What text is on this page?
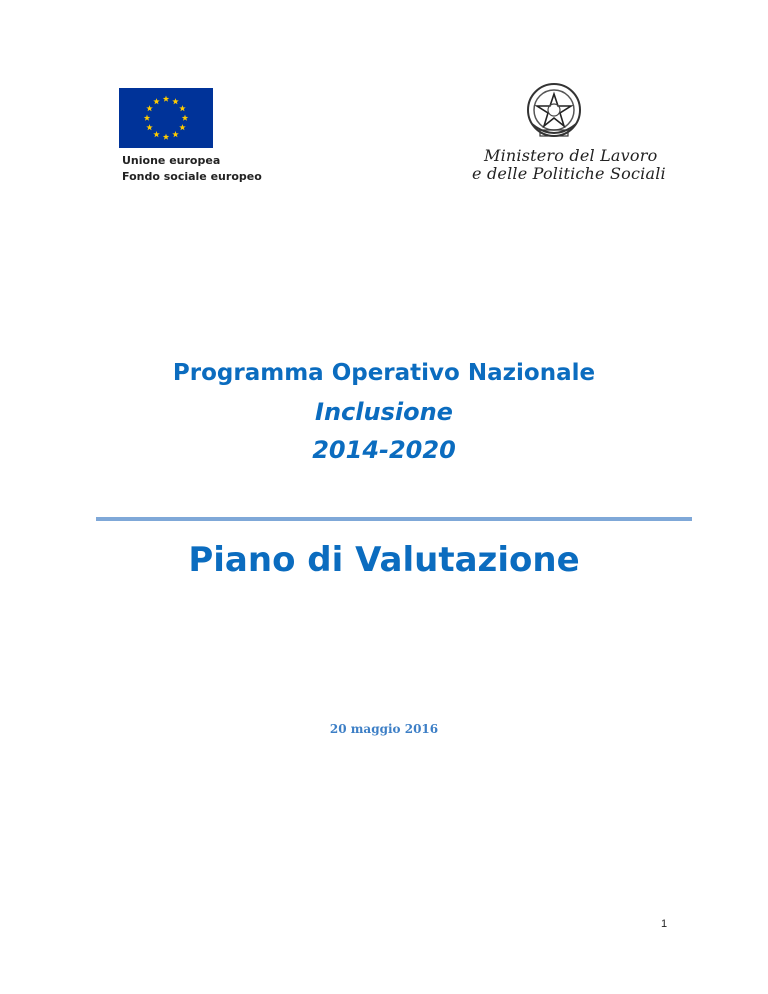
Unione europea
Fondo sociale europeo
Ministero del Lavoro
e delle Politiche Sociali
Programma Operativo Nazionale
Inclusione
2014-2020
Piano di Valutazione
20 maggio 2016
1
